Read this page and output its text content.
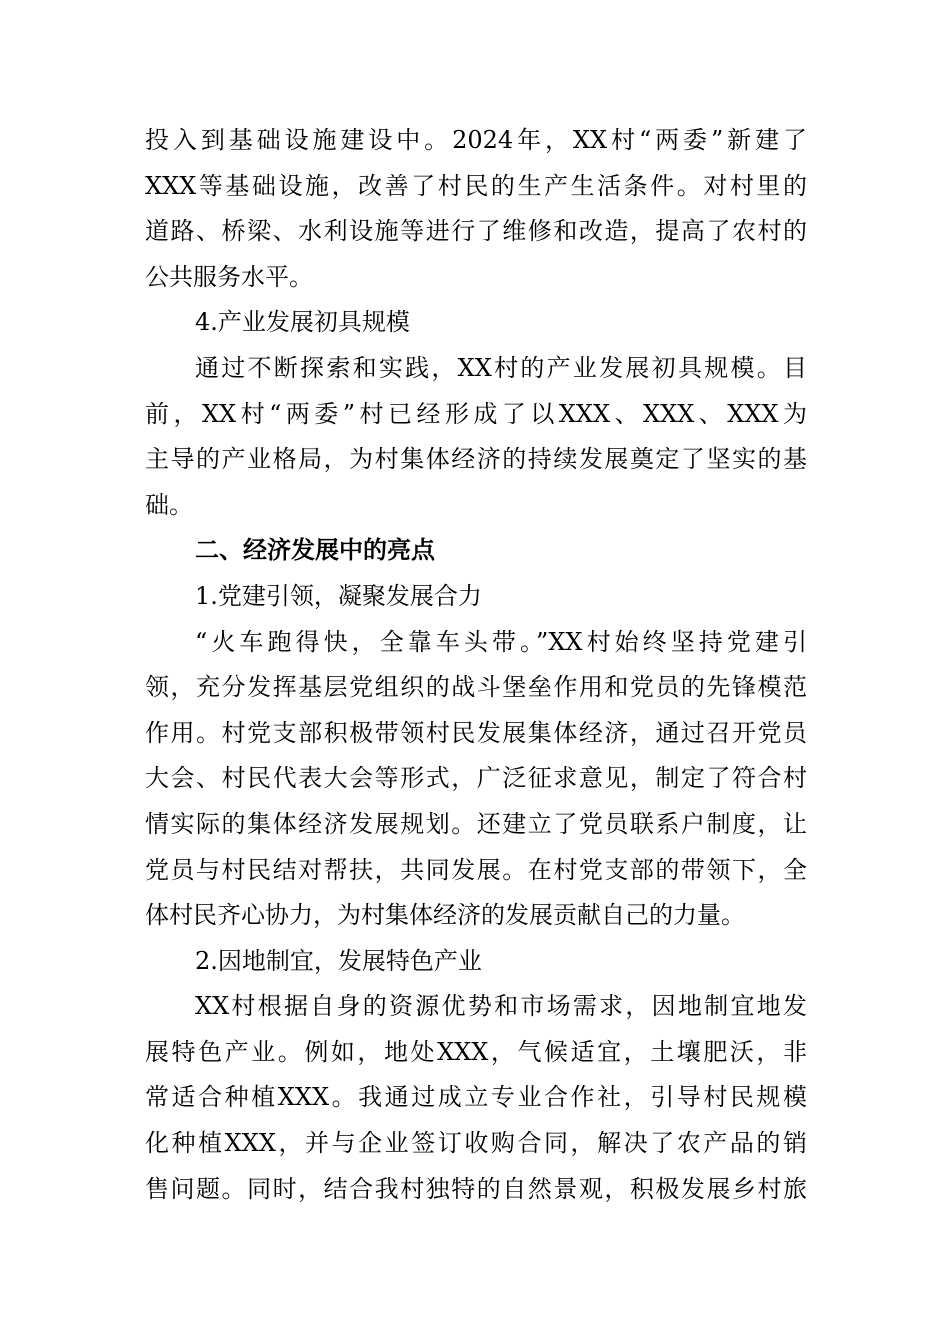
投入到基础设施建设中。2024年，XX村“两委”新建了
XXX等基础设施，改善了村民的生产生活条件。对村里的
道路、桥梁、水利设施等进行了维修和改造，提高了农村的
公共服务水平。
4.产业发展初具规模
通过不断探索和实践，XX村的产业发展初具规模。目
前，XX村“两委”村已经形成了以XXX、XXX、XXX为
主导的产业格局，为村集体经济的持续发展奠定了坚实的基
础。
二、经济发展中的亮点
1.党建引领，凝聚发展合力
“火车跑得快，全靠车头带。”XX村始终坚持党建引
领，充分发挥基层党组织的战斗堡垒作用和党员的先锋模范
作用。村党支部积极带领村民发展集体经济，通过召开党员
大会、村民代表大会等形式，广泛征求意见，制定了符合村
情实际的集体经济发展规划。还建立了党员联系户制度，让
党员与村民结对帮扶，共同发展。在村党支部的带领下，全
体村民齐心协力，为村集体经济的发展贡献自己的力量。
2.因地制宜，发展特色产业
XX村根据自身的资源优势和市场需求，因地制宜地发
展特色产业。例如，地处XXX，气候适宜，土壤肥沃，非
常适合种植XXX。我通过成立专业合作社，引导村民规模
化种植XXX，并与企业签订收购合同，解决了农产品的销
售问题。同时，结合我村独特的自然景观，积极发展乡村旅
